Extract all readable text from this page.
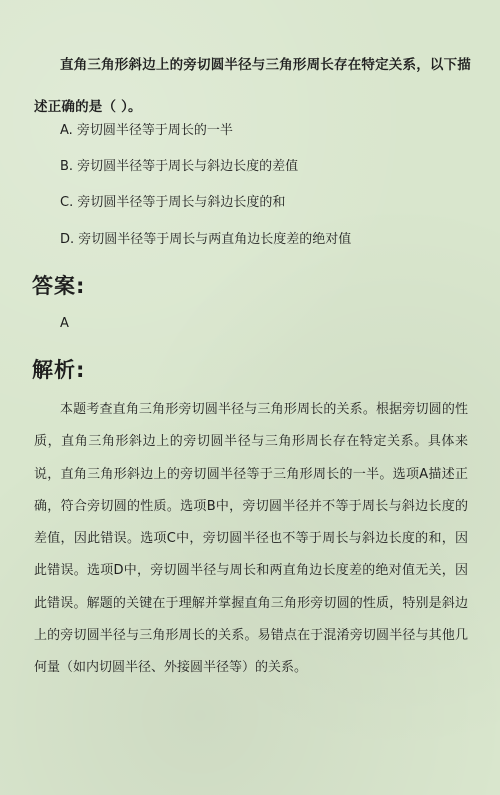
直角三角形斜边上的旁切圆半径与三角形周长存在特定关系，以下描述正确的是（ ）。
A. 旁切圆半径等于周长的一半
B. 旁切圆半径等于周长与斜边长度的差值
C. 旁切圆半径等于周长与斜边长度的和
D. 旁切圆半径等于周长与两直角边长度差的绝对值
答案:
A
解析:
本题考查直角三角形旁切圆半径与三角形周长的关系。根据旁切圆的性质，直角三角形斜边上的旁切圆半径与三角形周长存在特定关系。具体来说，直角三角形斜边上的旁切圆半径等于三角形周长的一半。选项A描述正确，符合旁切圆的性质。选项B中，旁切圆半径并不等于周长与斜边长度的差值，因此错误。选项C中，旁切圆半径也不等于周长与斜边长度的和，因此错误。选项D中，旁切圆半径与周长和两直角边长度差的绝对值无关，因此错误。解题的关键在于理解并掌握直角三角形旁切圆的性质，特别是斜边上的旁切圆半径与三角形周长的关系。易错点在于混淆旁切圆半径与其他几何量（如内切圆半径、外接圆半径等）的关系。
